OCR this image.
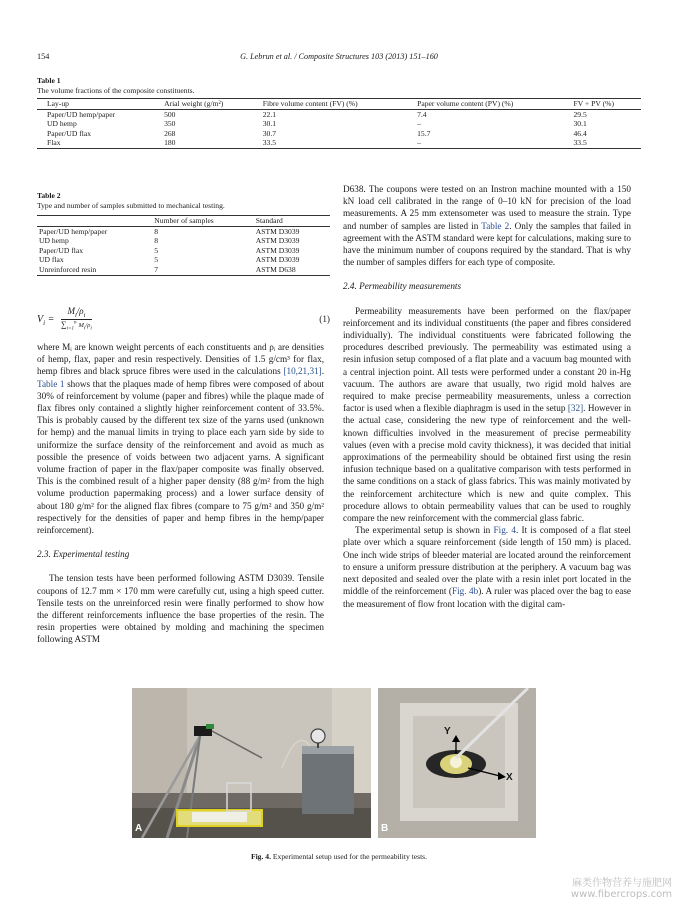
154	G. Lebrun et al. / Composite Structures 103 (2013) 151–160
Table 1
The volume fractions of the composite constituents.
Lay-up	Arial weight (g/m²)	Fibre volume content (FV) (%)	Paper volume content (PV) (%)	FV + PV (%)
Paper/UD hemp/paper	500	22.1	7.4	29.5
UD hemp	350	30.1	–	30.1
Paper/UD flax	268	30.7	15.7	46.4
Flax	180	33.5	–	33.5
Table 2
Type and number of samples submitted to mechanical testing.
	Number of samples	Standard
Paper/UD hemp/paper	8	ASTM D3039
UD hemp	8	ASTM D3039
Paper/UD flax	5	ASTM D3039
UD flax	5	ASTM D3039
Unreinforced resin	7	ASTM D638
$V_i$ =
$M_i/\rho_i$
$\sum_{i=1}^n$ $M_i/\rho_i$
(1)

where Mᵢ are known weight percents of each constituents and ρᵢ are densities of hemp, flax, paper and resin respectively. Densities of 1.5 g/cm³ for flax, hemp fibres and black spruce fibres were used in the calculations [10,21,31]. Table 1 shows that the plaques made of hemp fibres were composed of about 30% of reinforcement by volume (paper and fibres) while the plaque made of flax fibres only contained a slightly higher reinforcement content of 33.5%. This is probably caused by the different tex size of the yarns used (unknown for hemp) and the manual limits in trying to place each yarn side by side to uniformize the surface density of the reinforcement and avoid as much as possible the presence of voids between two adjacent yarns. A significant volume fraction of paper in the flax/paper composite was finally observed. This is the combined result of a higher paper density (88 g/m² from the high volume production papermaking process) and a lower surface density of about 180 g/m² for the aligned flax fibres (compare to 75 g/m² and 350 g/m² respectively for the densities of paper and hemp fibres in the hemp/paper reinforcement).

2.3. Experimental testing

The tension tests have been performed following ASTM D3039. Tensile coupons of 12.7 mm × 170 mm were carefully cut, using a high speed cutter. Tensile tests on the unreinforced resin were finally performed to show how the different reinforcements influence the base properties of the resin. The resin properties were obtained by molding and machining the specimen following ASTM

D638. The coupons were tested on an Instron machine mounted with a 150 kN load cell calibrated in the range of 0–10 kN for precision of the load measurements. A 25 mm extensometer was used to measure the strain. Type and number of samples are listed in Table 2. Only the samples that failed in agreement with the ASTM standard were kept for calculations, making sure to have the minimum number of coupons required by the standard. That is why the number of samples differs for each type of composite.

2.4. Permeability measurements

Permeability measurements have been performed on the flax/paper reinforcement and its individual constituents (the paper and fibres considered individually). The individual constituents were fabricated following the procedures described previously. The permeability was estimated using a resin infusion setup composed of a flat plate and a vacuum bag mounted with a central injection point. All tests were performed under a constant 20 in-Hg vacuum. The authors are aware that usually, two rigid mold halves are required to make precise permeability measurements, unless a correction factor is used when a flexible diaphragm is used in the setup [32]. However in the actual case, considering the new type of reinforcement and the well-known difficulties involved in the measurement of precise permeability values (even with a precise mold cavity thickness), it was decided that initial approximations of the permeability should be obtained first using the resin infusion technique based on a qualitative comparison with tests performed in the same conditions on a stack of glass fabrics. This was mainly motivated by the reinforcement architecture which is new and quite complex. This procedure allows to obtain permeability values that can be used to roughly compare the new reinforcement with the commercial glass fabric.

The experimental setup is shown in Fig. 4. It is composed of a flat steel plate over which a square reinforcement (side length of 150 mm) is placed. One inch wide strips of bleeder material are located around the reinforcement to ensure a uniform pressure distribution at the periphery. A vacuum bag was next deposited and sealed over the plate with a resin inlet port located in the middle of the reinforcement (Fig. 4b). A ruler was placed over the bag to ease the measurement of flow front location with the digital cam-

A
Y
X
B
Fig. 4. Experimental setup used for the permeability tests.
麻类作物营养与施肥网
www.fibercrops.com
